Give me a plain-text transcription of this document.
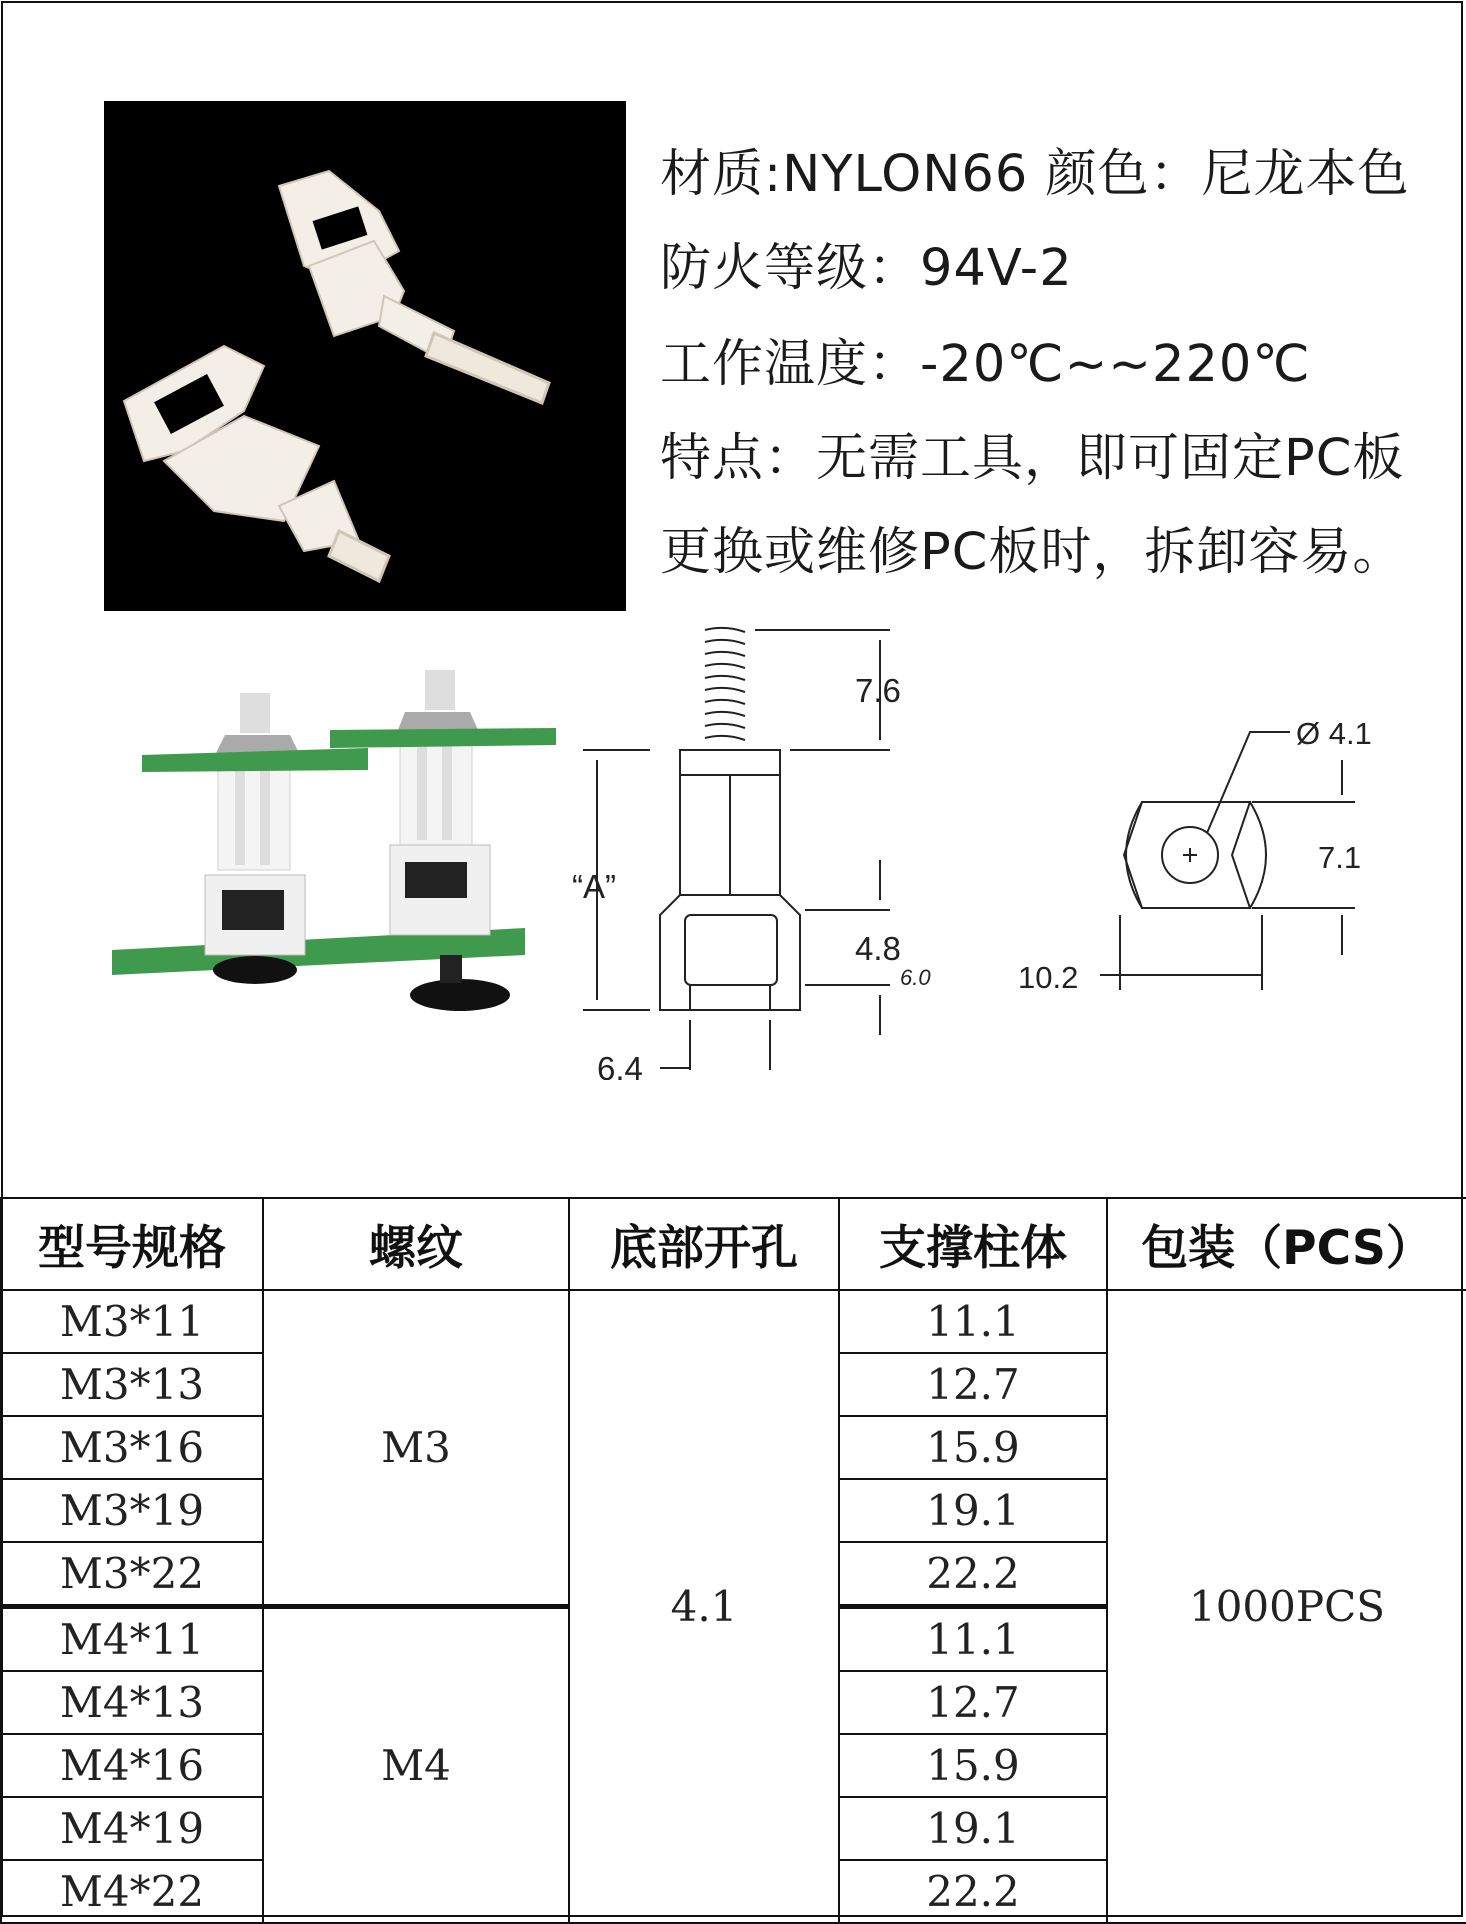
材质:NYLON66 颜色：尼龙本色
防火等级：94V-2
工作温度：-20℃~~220℃
特点：无需工具，即可固定PC板
更换或维修PC板时，拆卸容易。
7.6
“A”
4.8
6.0
6.4
Ø 4.1
7.1
10.2
型号规格	螺纹	底部开孔	支撑柱体	包装（PCS）
M3*11	M3	4.1	11.1	1000PCS
M3*13			12.7	
M3*16			15.9	
M3*19			19.1	
M3*22			22.2	
M4*11	M4		11.1	
M4*13			12.7	
M4*16			15.9	
M4*19			19.1	
M4*22			22.2	
